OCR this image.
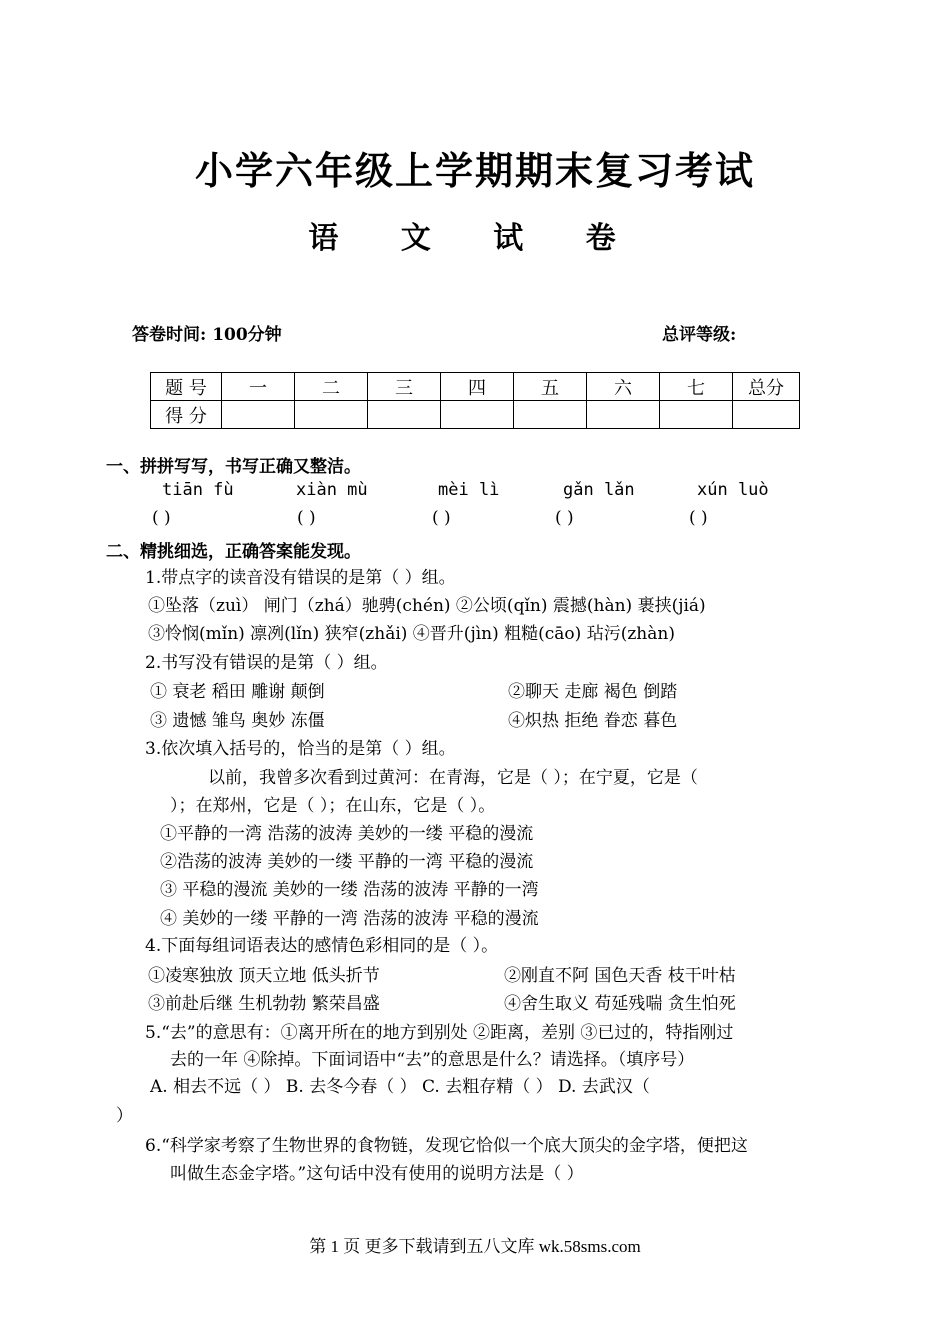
小学六年级上学期期末复习考试
语 文 试 卷
答卷时间: 100分钟	总评等级:
题 号	一	二	三	四	五	六	七	总分
得 分								
一、拼拼写写，书写正确又整洁。
tiān fù	xiàn mù	mèi lì	gǎn lǎn	xún luò
( )	( )	( )	( )	( )
二、精挑细选，正确答案能发现。
1.带点字的读音没有错误的是第（ ）组。
①坠落（zuì） 闸门（zhá）驰骋(chén) ②公顷(qǐn) 震撼(hàn) 裹挟(jiá)
③怜悯(mǐn) 凛冽(lǐn) 狭窄(zhǎi) ④晋升(jìn) 粗糙(cāo) 玷污(zhàn)
2.书写没有错误的是第（ ）组。
① 衰老 稻田 雕谢 颠倒	②聊天 走廊 褐色 倒踏
③ 遗憾 雏鸟 奥妙 冻僵	④炽热 拒绝 眷恋 暮色
3.依次填入括号的，恰当的是第（ ）组。
以前，我曾多次看到过黄河：在青海，它是（ ）；在宁夏，它是（
）；在郑州，它是（ ）；在山东，它是（ ）。
①平静的一湾 浩荡的波涛 美妙的一缕 平稳的漫流
②浩荡的波涛 美妙的一缕 平静的一湾 平稳的漫流
③ 平稳的漫流 美妙的一缕 浩荡的波涛 平静的一湾
④ 美妙的一缕 平静的一湾 浩荡的波涛 平稳的漫流
4.下面每组词语表达的感情色彩相同的是（ ）。
①凌寒独放 顶天立地 低头折节	②刚直不阿 国色天香 枝干叶枯
③前赴后继 生机勃勃 繁荣昌盛	④舍生取义 苟延残喘 贪生怕死
5.“去”的意思有：①离开所在的地方到别处 ②距离，差别 ③已过的，特指刚过
去的一年 ④除掉。下面词语中“去”的意思是什么？请选择。（填序号）
A. 相去不远（ ） B. 去冬今春（ ） C. 去粗存精（ ） D. 去武汉（
）
6.“科学家考察了生物世界的食物链，发现它恰似一个底大顶尖的金字塔，便把这
叫做生态金字塔。”这句话中没有使用的说明方法是（ ）
第 1 页 更多下载请到五八文库 wk.58sms.com
